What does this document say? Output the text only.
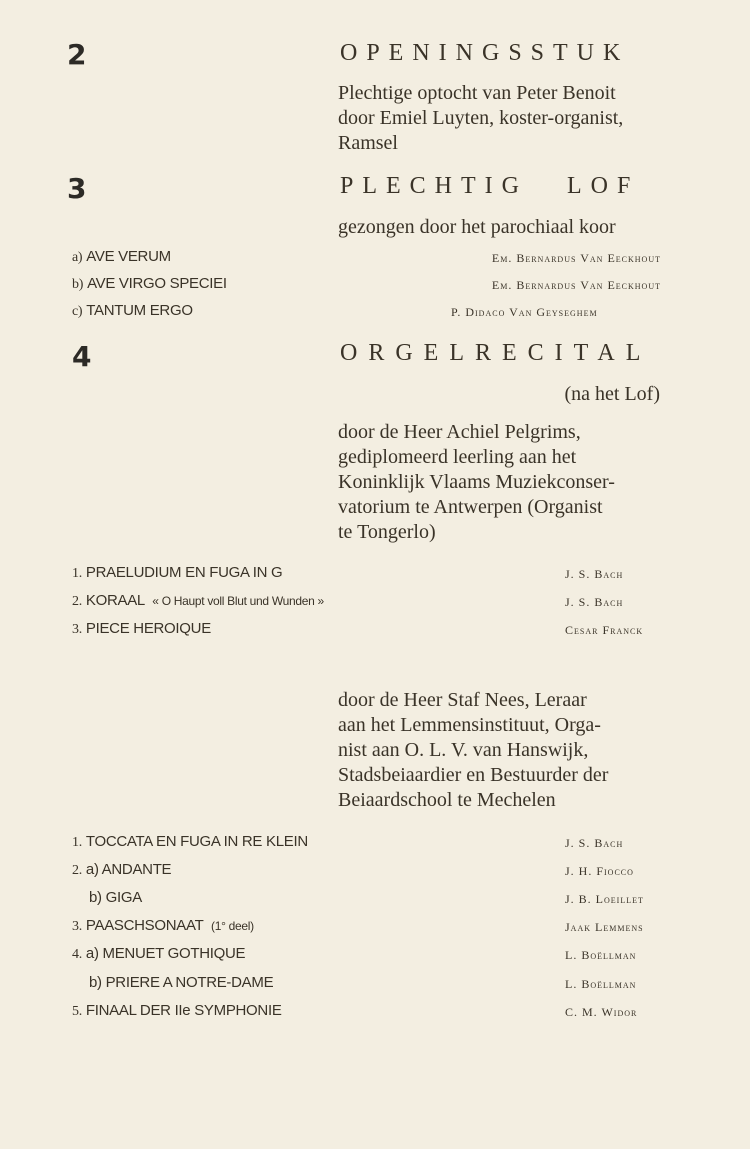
2	OPENINGSSTUK
Plechtige optocht van Peter Benoit
door Emiel Luyten, koster-organist,
Ramsel
3	PLECHTIG LOF
gezongen door het parochiaal koor
a) AVE VERUM	Em. Bernardus Van Eeckhout
b) AVE VIRGO SPECIEI	Em. Bernardus Van Eeckhout
c) TANTUM ERGO	P. Didaco Van Geyseghem
4	ORGELRECITAL
(na het Lof)
door de Heer Achiel Pelgrims,
gediplomeerd leerling aan het
Koninklijk Vlaams Muziekconser-
vatorium te Antwerpen (Organist
te Tongerlo)
1. PRAELUDIUM EN FUGA IN G	J. S. Bach
2. KORAAL « O Haupt voll Blut und Wunden »	J. S. Bach
3. PIECE HEROIQUE	Cesar Franck
door de Heer Staf Nees, Leraar
aan het Lemmensinstituut, Orga-
nist aan O. L. V. van Hanswijk,
Stadsbeiaardier en Bestuurder der
Beiaardschool te Mechelen
1. TOCCATA EN FUGA IN RE KLEIN	J. S. Bach
2. a) ANDANTE	J. H. Fiocco
b) GIGA	J. B. Loeillet
3. PAASCHSONAAT (1° deel)	Jaak Lemmens
4. a) MENUET GOTHIQUE	L. Boëllman
b) PRIERE A NOTRE-DAME	L. Boëllman
5. FINAAL DER IIe SYMPHONIE	C. M. Widor
